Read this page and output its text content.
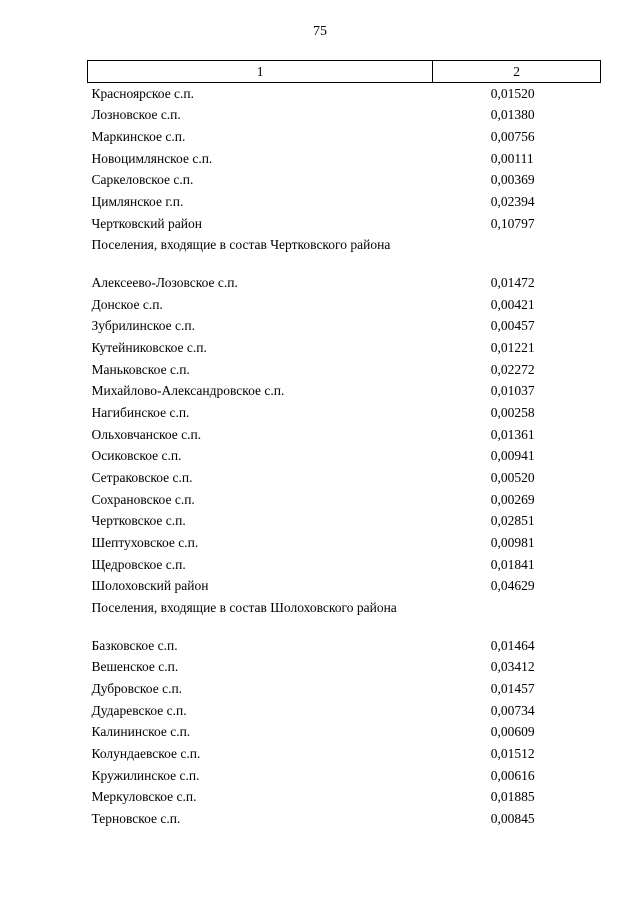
75
1	2
Красноярское с.п.	0,01520
Лозновское с.п.	0,01380
Маркинское с.п.	0,00756
Новоцимлянское с.п.	0,00111
Саркеловское с.п.	0,00369
Цимлянское г.п.	0,02394
Чертковский район	0,10797
Поселения, входящие в состав Чертковского района	
Алексеево-Лозовское с.п.	0,01472
Донское с.п.	0,00421
Зубрилинское с.п.	0,00457
Кутейниковское с.п.	0,01221
Маньковское с.п.	0,02272
Михайлово-Александровское с.п.	0,01037
Нагибинское с.п.	0,00258
Ольховчанское с.п.	0,01361
Осиковское с.п.	0,00941
Сетраковское с.п.	0,00520
Сохрановское с.п.	0,00269
Чертковское с.п.	0,02851
Шептуховское с.п.	0,00981
Щедровское с.п.	0,01841
Шолоховский район	0,04629
Поселения, входящие в состав Шолоховского района	
Базковское с.п.	0,01464
Вешенское с.п.	0,03412
Дубровское с.п.	0,01457
Дударевское с.п.	0,00734
Калининское с.п.	0,00609
Колундаевское с.п.	0,01512
Кружилинское с.п.	0,00616
Меркуловское с.п.	0,01885
Терновское с.п.	0,00845
